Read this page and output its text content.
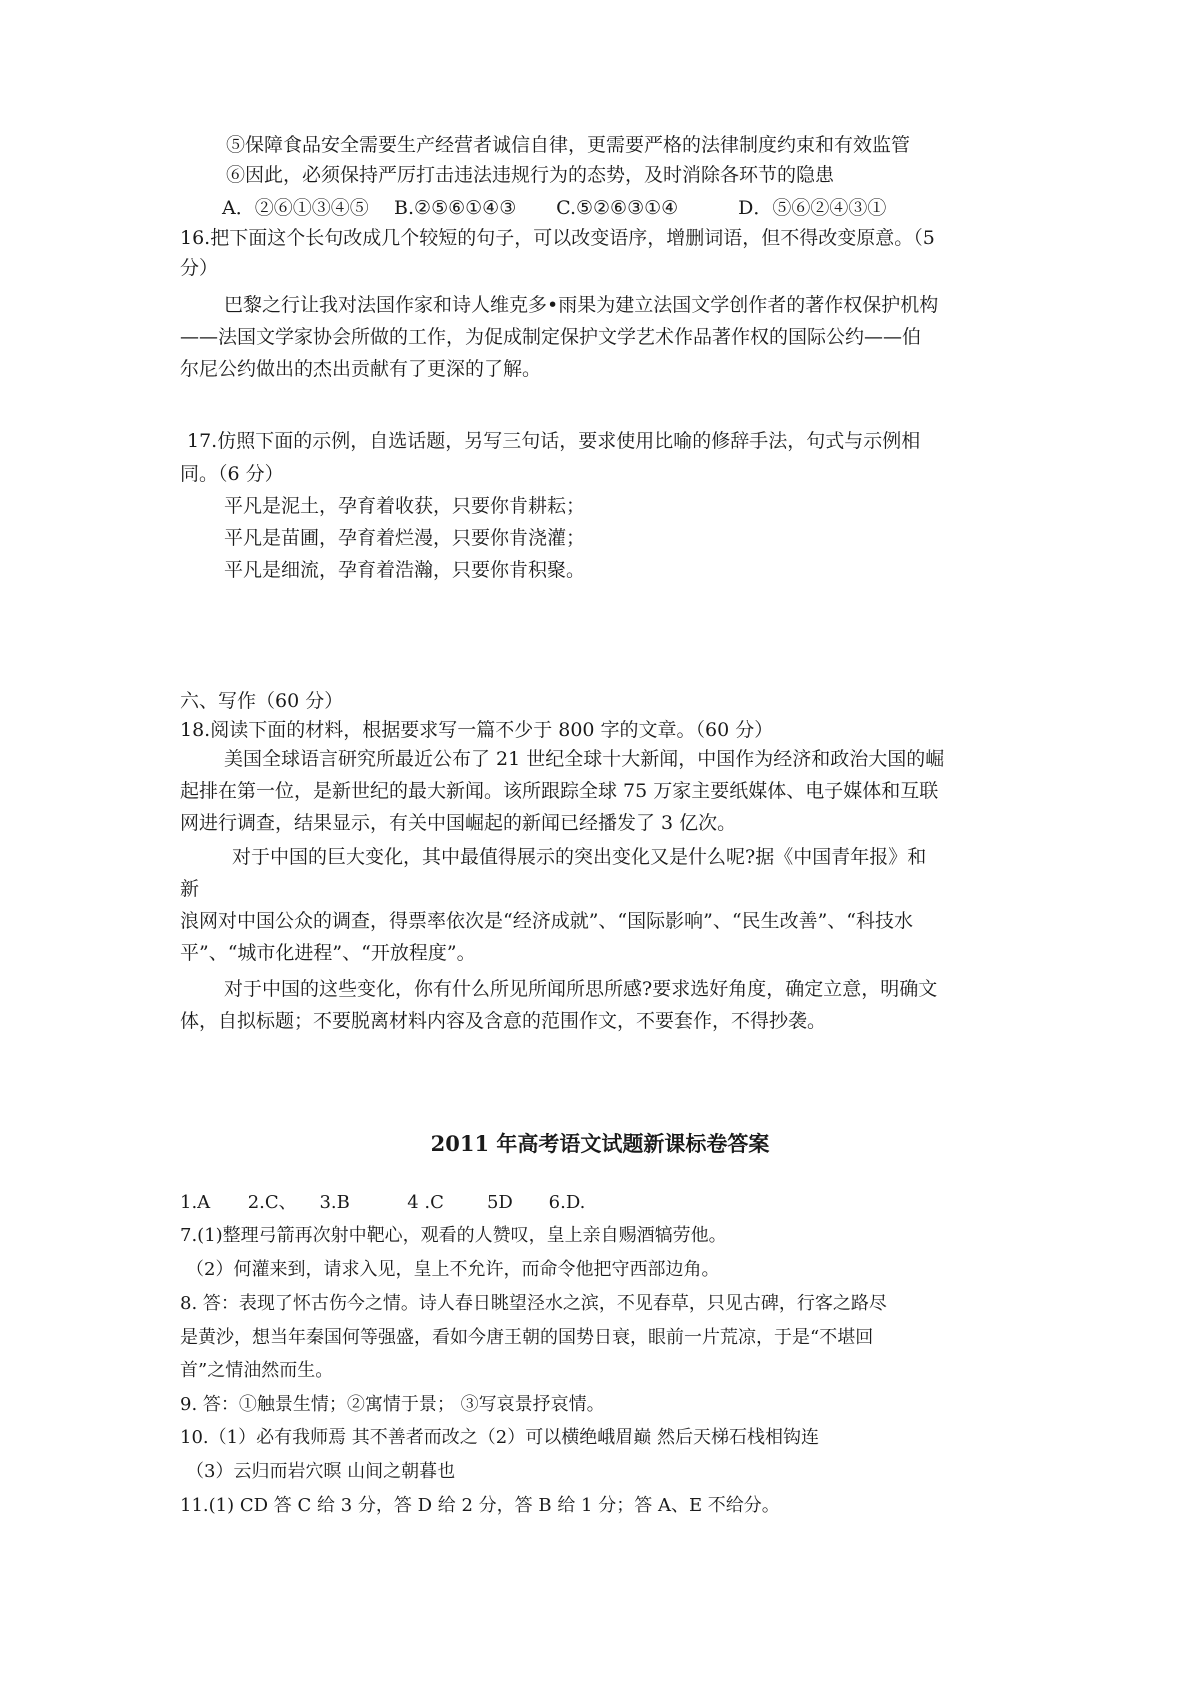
⑤保障食品安全需要生产经营者诚信自律，更需要严格的法律制度约束和有效监管
⑥因此，必须保持严厉打击违法违规行为的态势，及时消除各环节的隐患
A．②⑥①③④⑤ B.②⑤⑥①④③ C.⑤②⑥③①④	D．⑤⑥②④③①
16.把下面这个长句改成几个较短的句子，可以改变语序，增删词语，但不得改变原意。（5
分）
巴黎之行让我对法国作家和诗人维克多•雨果为建立法国文学创作者的著作权保护机构
——法国文学家协会所做的工作，为促成制定保护文学艺术作品著作权的国际公约——伯
尔尼公约做出的杰出贡献有了更深的了解。
17.仿照下面的示例，自选话题，另写三句话，要求使用比喻的修辞手法，句式与示例相
同。（6 分）
平凡是泥土，孕育着收获，只要你肯耕耘；
平凡是苗圃，孕育着烂漫，只要你肯浇灌；
平凡是细流，孕育着浩瀚，只要你肯积聚。
六、写作（60 分）
18.阅读下面的材料，根据要求写一篇不少于 800 字的文章。（60 分）
美国全球语言研究所最近公布了 21 世纪全球十大新闻，中国作为经济和政治大国的崛
起排在第一位，是新世纪的最大新闻。该所跟踪全球 75 万家主要纸媒体、电子媒体和互联
网进行调查，结果显示，有关中国崛起的新闻已经播发了 3 亿次。
对于中国的巨大变化，其中最值得展示的突出变化又是什么呢?据《中国青年报》和
新
浪网对中国公众的调查，得票率依次是“经济成就”、“国际影响”、“民生改善”、“科技水
平”、“城市化进程”、“开放程度”。
对于中国的这些变化，你有什么所见所闻所思所感?要求选好角度，确定立意，明确文
体，自拟标题；不要脱离材料内容及含意的范围作文，不要套作，不得抄袭。
2011 年高考语文试题新课标卷答案
1.A 2.C、 3.B	4 .C 5D 6.D.
7.(1)整理弓箭再次射中靶心，观看的人赞叹，皇上亲自赐酒犒劳他。
（2）何灌来到，请求入见，皇上不允许，而命令他把守西部边角。
8. 答：表现了怀古伤今之情。诗人春日眺望泾水之滨，不见春草，只见古碑，行客之路尽
是黄沙，想当年秦国何等强盛，看如今唐王朝的国势日衰，眼前一片荒凉，于是“不堪回
首”之情油然而生。
9. 答：①触景生情；②寓情于景； ③写哀景抒哀情。
10.（1）必有我师焉 其不善者而改之（2）可以横绝峨眉巅 然后天梯石栈相钩连
（3）云归而岩穴暝 山间之朝暮也
11.(1) CD 答 C 给 3 分，答 D 给 2 分，答 B 给 1 分；答 A、E 不给分。
